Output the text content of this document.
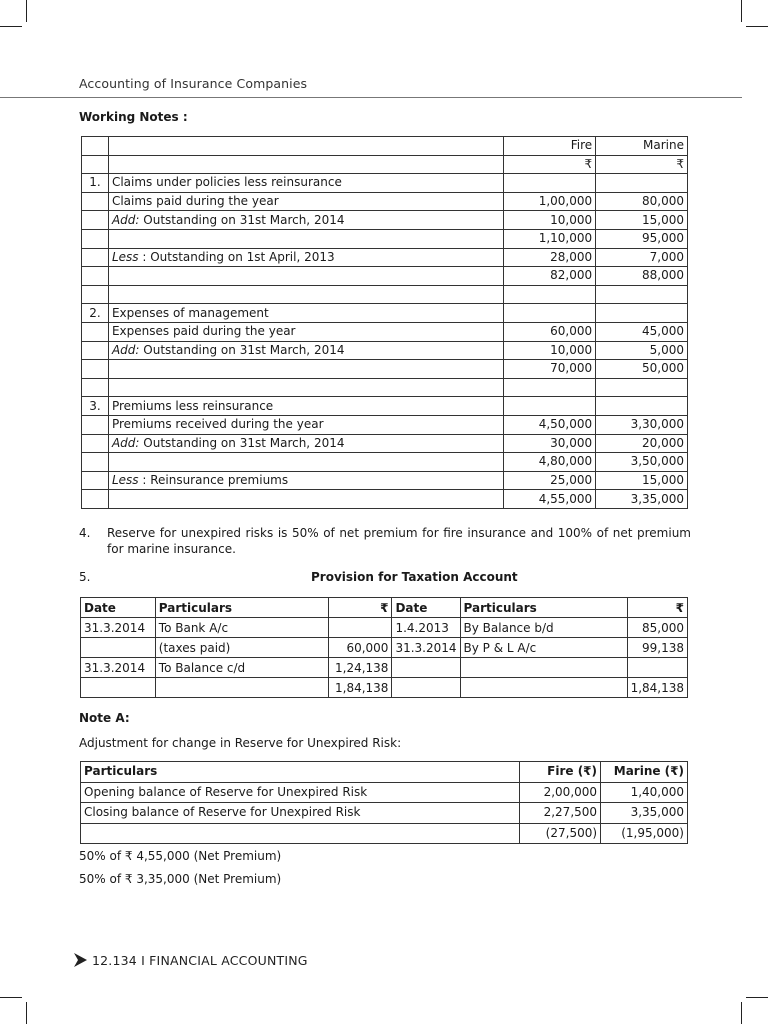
Accounting of Insurance Companies
Working Notes :
		Fire	Marine
		₹	₹
1.	Claims under policies less reinsurance		
	Claims paid during the year	1,00,000	80,000
	Add: Outstanding on 31st March, 2014	10,000	15,000
		1,10,000	95,000
	Less : Outstanding on 1st April, 2013	28,000	7,000
		82,000	88,000

2.	Expenses of management		
	Expenses paid during the year	60,000	45,000
	Add: Outstanding on 31st March, 2014	10,000	5,000
		70,000	50,000

3.	Premiums less reinsurance		
	Premiums received during the year	4,50,000	3,30,000
	Add: Outstanding on 31st March, 2014	30,000	20,000
		4,80,000	3,50,000
	Less : Reinsurance premiums	25,000	15,000
		4,55,000	3,35,000
4. Reserve for unexpired risks is 50% of net premium for fire insurance and 100% of net premium for marine insurance.
5.	Provision for Taxation Account
Date	Particulars	₹	Date	Particulars	₹
31.3.2014	To Bank A/c		1.4.2013	By Balance b/d	85,000
	(taxes paid)	60,000	31.3.2014	By P & L A/c	99,138
31.3.2014	To Balance c/d	1,24,138			
		1,84,138			1,84,138
Note A:
Adjustment for change in Reserve for Unexpired Risk:
Particulars	Fire (₹)	Marine (₹)
Opening balance of Reserve for Unexpired Risk	2,00,000	1,40,000
Closing balance of Reserve for Unexpired Risk	2,27,500	3,35,000
	(27,500)	(1,95,000)
50% of ₹ 4,55,000 (Net Premium)
50% of ₹ 3,35,000 (Net Premium)
12.134 I FINANCIAL ACCOUNTING
